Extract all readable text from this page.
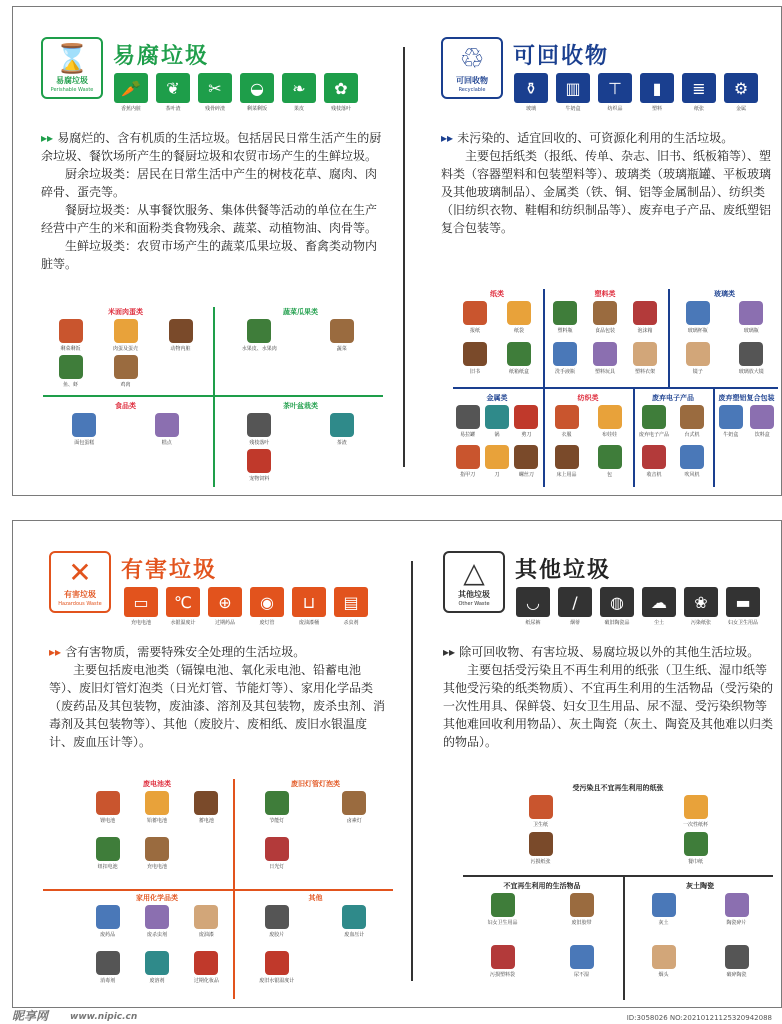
⌛
易腐垃圾
Perishable Waste
易腐垃圾
🥕
香蕉内脏
❦
茶叶渣
✂
残骨碎渣
◒
剩菜剩饭
❧
果皮
✿
残枝落叶

▸▸ 易腐烂的、含有机质的生活垃圾。包括居民日常生活产生的厨余垃圾、餐饮场所产生的餐厨垃圾和农贸市场产生的生鲜垃圾。

厨余垃圾类：居民在日常生活中产生的树枝花草、腐肉、肉碎骨、蛋壳等。

餐厨垃圾类：从事餐饮服务、集体供餐等活动的单位在生产经营中产生的米和面粉类食物残余、蔬菜、动植物油、肉骨等。

生鲜垃圾类：农贸市场产生的蔬菜瓜果垃圾、畜禽类动物内脏等。

米面肉蛋类
剩菜剩饭	肉蛋及蛋壳	动物内脏
鱼、虾	鸡肉
蔬菜瓜果类
水果皮、水果肉	蔬菜
食品类
面包蛋糕	糕点
茶叶盆栽类
残枝落叶	茶渣
宠物饲料
♲
可回收物
Recyclable
可回收物
⚱
玻璃
▥
牛奶盒
⊤
纺织品
▮
塑料
≣
纸张
⚙
金属

▸▸ 未污染的、适宜回收的、可资源化利用的生活垃圾。

主要包括纸类（报纸、传单、杂志、旧书、纸板箱等）、塑料类（容器塑料和包装塑料等）、玻璃类（玻璃瓶罐、平板玻璃及其他玻璃制品）、金属类（铁、铜、铝等金属制品）、纺织类（旧纺织衣物、鞋帽和纺织制品等）、废弃电子产品、废纸塑铝复合包装等。

纸类
报纸	纸袋
旧书	纸箱纸盒
塑料类
塑料瓶	食品包装	泡沫箱
洗手液瓶	塑料玩具	塑料衣架
玻璃类
玻璃杯瓶	玻璃瓶
镜子	玻璃放大镜
金属类
易拉罐	锅	剪刀
指甲刀	刀	螺丝刀
纺织类
衣服	布娃娃
床上用品	包
废弃电子产品
废弃电子产品	台式机
收音机	吹风机
废弃塑铝复合包装
牛奶盒	饮料盒
✕
有害垃圾
Hazardous Waste
有害垃圾
▭
充电电池
℃
水银温度计
⊕
过期药品
◉
废灯管
⊔
废油漆桶
▤
杀虫剂

▸▸ 含有害物质，需要特殊安全处理的生活垃圾。

主要包括废电池类（镉镍电池、氧化汞电池、铅蓄电池等）、废旧灯管灯泡类（日光灯管、节能灯等）、家用化学品类（废药品及其包装物，废油漆、溶剂及其包装物，废杀虫剂、消毒剂及其包装物等）、其他（废胶片、废相纸、废旧水银温度计、废血压计等）。

废电池类
锂电池	铅蓄电池	蓄电池
纽扣电池	充电电池
废旧灯管灯泡类
节能灯	卤素灯
日光灯
家用化学品类
废药品	废杀虫剂	废油漆
消毒剂	废溶剂	过期化妆品
其他
废胶片	废血压计
废旧水银温度计
△
其他垃圾
Other Waste
其他垃圾
◡
纸尿裤
/
烟蒂
◍
破旧陶瓷品
☁
尘土
❀
污染纸张
▬
妇女卫生用品

▸▸ 除可回收物、有害垃圾、易腐垃圾以外的其他生活垃圾。

主要包括受污染且不再生利用的纸张（卫生纸、湿巾纸等其他受污染的纸类物质）、不宜再生利用的生活物品（受污染的一次性用具、保鲜袋、妇女卫生用品、尿不湿、受污染织物等其他难回收利用物品）、灰土陶瓷（灰土、陶瓷及其他难以归类的物品）。

受污染且不宜再生利用的纸张
卫生纸	一次性纸杯
污损纸张	餐巾纸
不宜再生利用的生活物品
妇女卫生用品	废旧胶带
污损塑料袋	尿不湿
灰土陶瓷
灰土	陶瓷碎片
烟头	破碎陶瓷
昵享网 www.nipic.cn	ID:3058026 NO:20210121125320942088
